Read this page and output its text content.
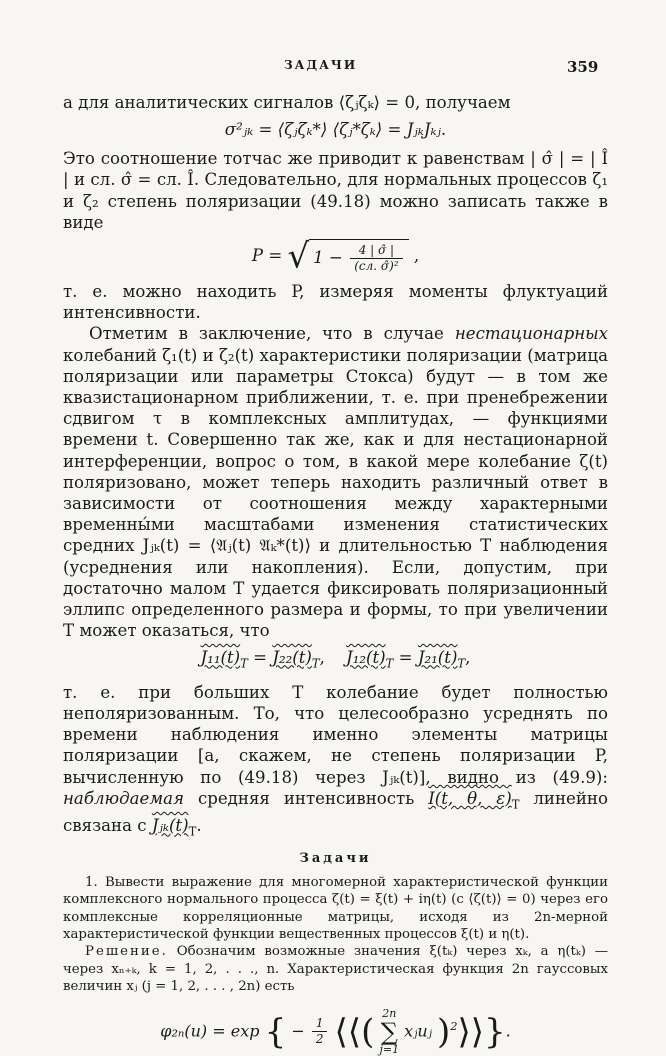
ЗАДАЧИ	359

а для аналитических сигналов ⟨ζⱼζₖ⟩ = 0, получаем

σ²ⱼₖ = ⟨ζⱼζₖ*⟩ ⟨ζⱼ*ζₖ⟩ = JⱼₖJₖⱼ.

Это соотношение тотчас же приводит к равенствам | σ̂ | = | Î | и сл. σ̂ = сл. Î. Следовательно, для нормальных процессов ζ₁ и ζ₂ степень поляризации (49.18) можно записать также в виде

P = √ $1 - \frac{4 | \sigmâ |}{\text{(сл. σ̂)²}}$ ,

т. е. можно находить P, измеряя моменты флуктуаций интенсивности.

Отметим в заключение, что в случае нестационарных колебаний ζ₁(t) и ζ₂(t) характеристики поляризации (матрица поляризации или параметры Стокса) будут — в том же квазистационарном приближении, т. е. при пренебрежении сдвигом τ в комплексных амплитудах, — функциями времени t. Совершенно так же, как и для нестационарной интерференции, вопрос о том, в какой мере колебание ζ(t) поляризовано, может теперь находить различный ответ в зависимости от соотношения между характерными временны́ми масштабами изменения статистических средних Jⱼₖ(t) = ⟨𝔄ⱼ(t) 𝔄ₖ*(t)⟩ и длительностью T наблюдения (усреднения или накопления). Если, допустим, при достаточно малом T удается фиксировать поляризационный эллипс определенного размера и формы, то при увеличении T может оказаться, что

$J_{11}(t)_T = J_{22}(t)_T$, $J_{12}(t)_T = J_{21}(t)_T$,

т. е. при больших T колебание будет полностью неполяризованным. То, что целесообразно усреднять по времени наблюдения именно элементы матрицы поляризации [а, скажем, не степень поляризации P, вычисленную по (49.18) через Jⱼₖ(t)], видно из (49.9): наблюдаемая средняя интенсивность I(t, θ, $\varepsilon)_T$ линейно связана с $Jⱼ_k(t)_T$.

Задачи

1. Вывести выражение для многомерной характеристической функции комплексного нормального процесса ζ(t) = ξ(t) + iη(t) (с ⟨ζ(t)⟩ = 0) через его комплексные корреляционные матрицы, исходя из 2n-мерной характеристической функции вещественных процессов ξ(t) и η(t).

Решение. Обозначим возможные значения ξ(tₖ) через xₖ, а η(tₖ) — через xₙ₊ₖ, k = 1, 2, . . ., n. Характеристическая функция 2n гауссовых величин xⱼ (j = 1, 2, . . . , 2n) есть

φ₂ₙ(u) = exp { − $\frac{1}{2}$ ⟨⟨( 2n
∑
j=1 xⱼuⱼ )$^2$⟩⟩}.
